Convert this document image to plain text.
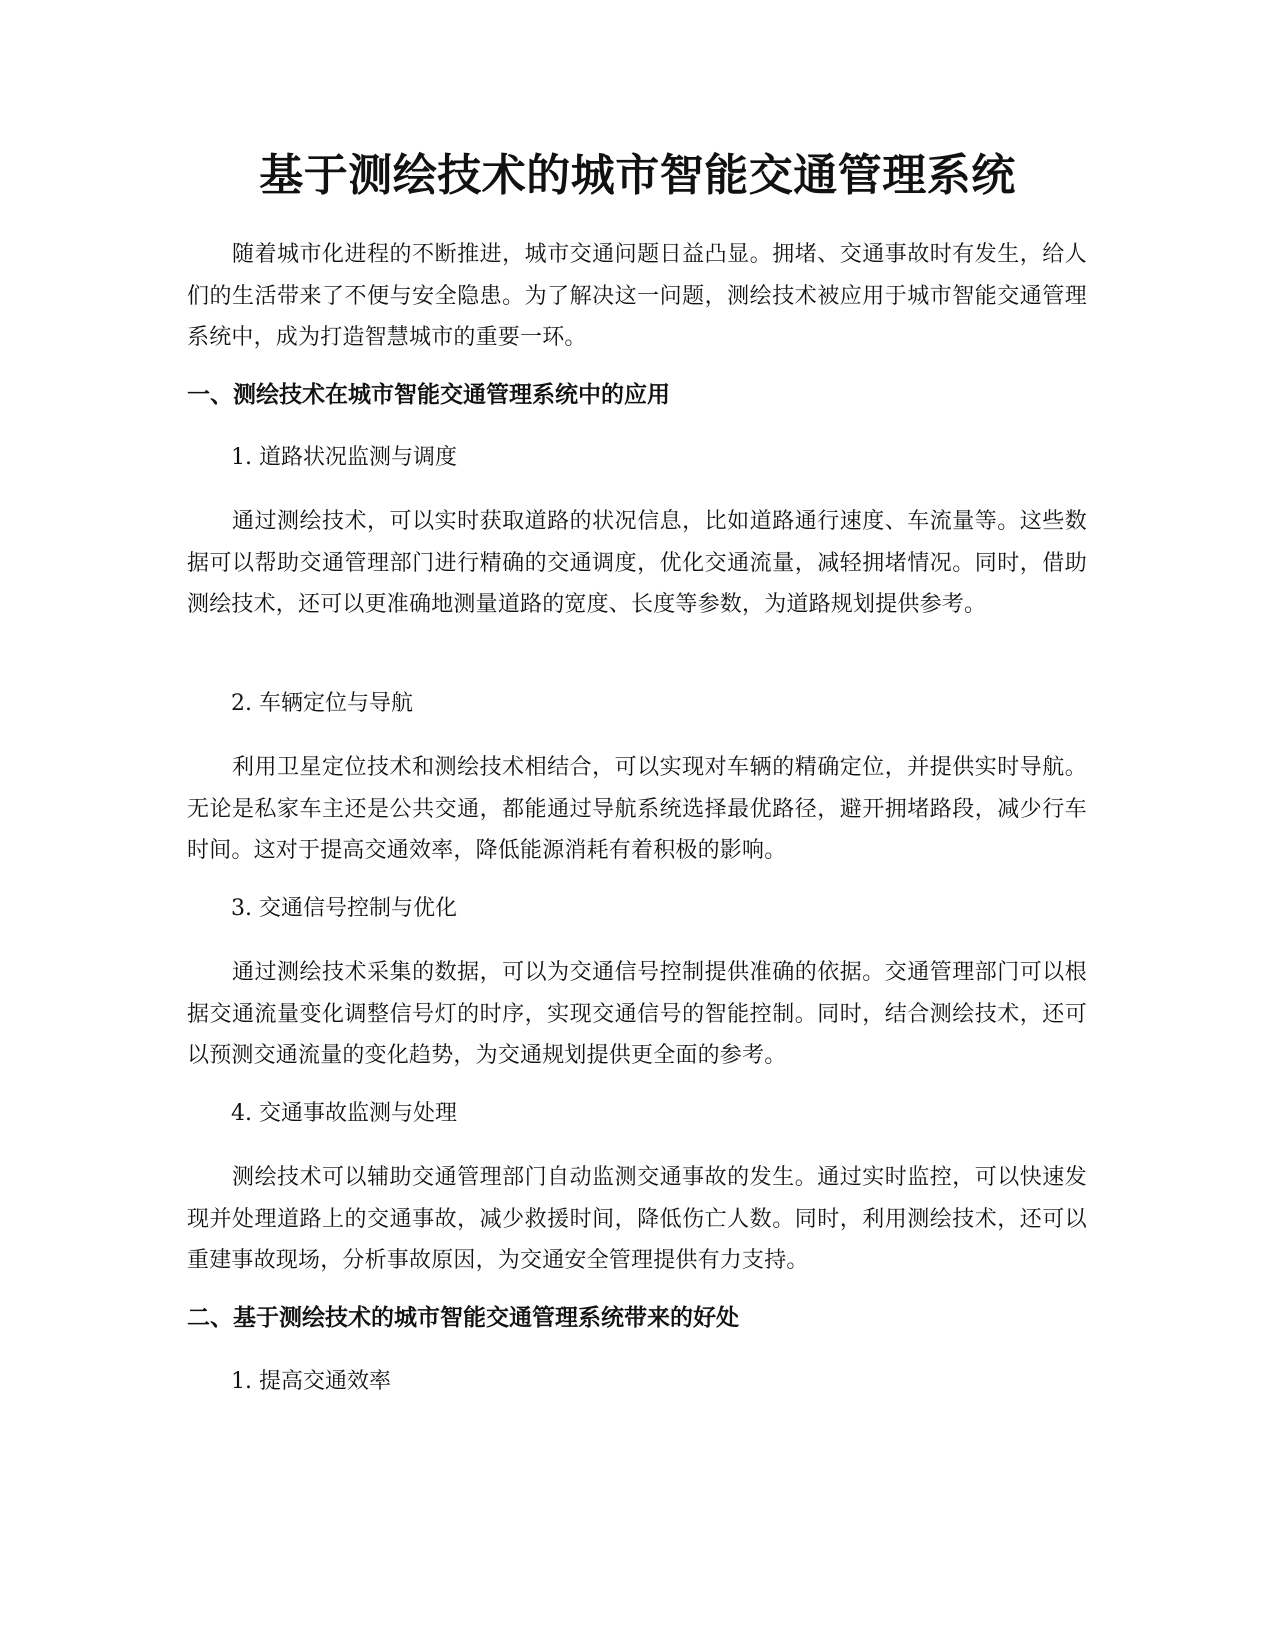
基于测绘技术的城市智能交通管理系统

随着城市化进程的不断推进，城市交通问题日益凸显。拥堵、交通事故时有发生，给人们的生活带来了不便与安全隐患。为了解决这一问题，测绘技术被应用于城市智能交通管理系统中，成为打造智慧城市的重要一环。

一、测绘技术在城市智能交通管理系统中的应用
1. 道路状况监测与调度

通过测绘技术，可以实时获取道路的状况信息，比如道路通行速度、车流量等。这些数据可以帮助交通管理部门进行精确的交通调度，优化交通流量，减轻拥堵情况。同时，借助测绘技术，还可以更准确地测量道路的宽度、长度等参数，为道路规划提供参考。

2. 车辆定位与导航

利用卫星定位技术和测绘技术相结合，可以实现对车辆的精确定位，并提供实时导航。无论是私家车主还是公共交通，都能通过导航系统选择最优路径，避开拥堵路段，减少行车时间。这对于提高交通效率，降低能源消耗有着积极的影响。

3. 交通信号控制与优化

通过测绘技术采集的数据，可以为交通信号控制提供准确的依据。交通管理部门可以根据交通流量变化调整信号灯的时序，实现交通信号的智能控制。同时，结合测绘技术，还可以预测交通流量的变化趋势，为交通规划提供更全面的参考。

4. 交通事故监测与处理

测绘技术可以辅助交通管理部门自动监测交通事故的发生。通过实时监控，可以快速发现并处理道路上的交通事故，减少救援时间，降低伤亡人数。同时，利用测绘技术，还可以重建事故现场，分析事故原因，为交通安全管理提供有力支持。

二、基于测绘技术的城市智能交通管理系统带来的好处
1. 提高交通效率
